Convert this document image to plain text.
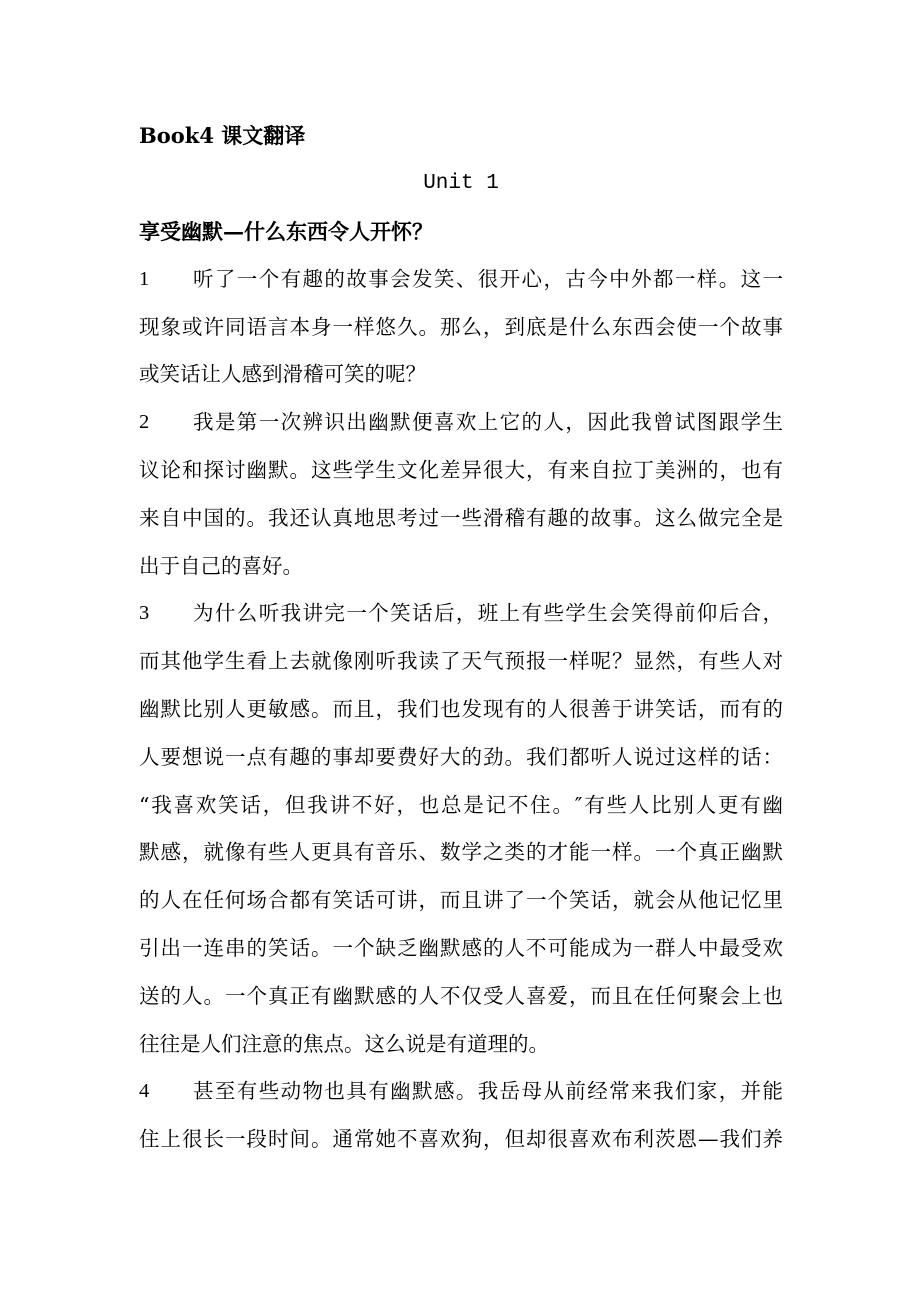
Book4 课文翻译
Unit 1
享受幽默—什么东西令人开怀？
1	听了一个有趣的故事会发笑、很开心，古今中外都一样。这一
现象或许同语言本身一样悠久。那么，到底是什么东西会使一个故事
或笑话让人感到滑稽可笑的呢？
2	我是第一次辨识出幽默便喜欢上它的人，因此我曾试图跟学生
议论和探讨幽默。这些学生文化差异很大，有来自拉丁美洲的，也有
来自中国的。我还认真地思考过一些滑稽有趣的故事。这么做完全是
出于自己的喜好。
3	为什么听我讲完一个笑话后，班上有些学生会笑得前仰后合，
而其他学生看上去就像刚听我读了天气预报一样呢？显然，有些人对
幽默比别人更敏感。而且，我们也发现有的人很善于讲笑话，而有的
人要想说一点有趣的事却要费好大的劲。我们都听人说过这样的话：
“我喜欢笑话，但我讲不好，也总是记不住。″有些人比别人更有幽
默感，就像有些人更具有音乐、数学之类的才能一样。一个真正幽默
的人在任何场合都有笑话可讲，而且讲了一个笑话，就会从他记忆里
引出一连串的笑话。一个缺乏幽默感的人不可能成为一群人中最受欢
送的人。一个真正有幽默感的人不仅受人喜爱，而且在任何聚会上也
往往是人们注意的焦点。这么说是有道理的。
4	甚至有些动物也具有幽默感。我岳母从前经常来我们家，并能
住上很长一段时间。通常她不喜欢狗，但却很喜欢布利茨恩—我们养
